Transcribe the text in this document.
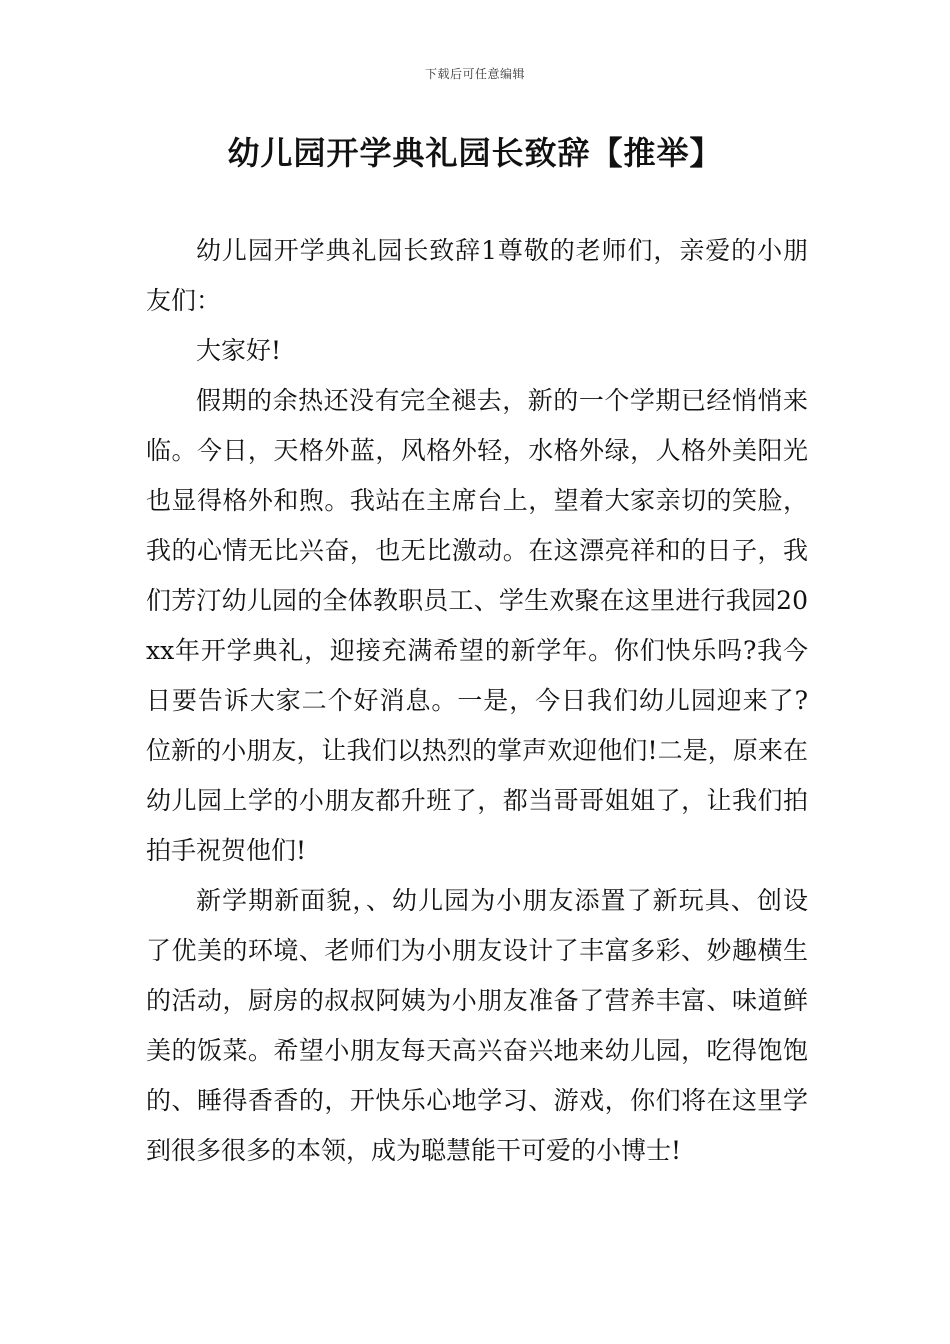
下载后可任意编辑
幼儿园开学典礼园长致辞【推举】

幼儿园开学典礼园长致辞1尊敬的老师们，亲爱的小朋友们：

大家好!

假期的余热还没有完全褪去，新的一个学期已经悄悄来临。今日，天格外蓝，风格外轻，水格外绿，人格外美阳光也显得格外和煦。我站在主席台上，望着大家亲切的笑脸，我的心情无比兴奋，也无比激动。在这漂亮祥和的日子，我们芳汀幼儿园的全体教职员工、学生欢聚在这里进行我园20xx年开学典礼，迎接充满希望的新学年。你们快乐吗?我今日要告诉大家二个好消息。一是，今日我们幼儿园迎来了?位新的小朋友，让我们以热烈的掌声欢迎他们!二是，原来在幼儿园上学的小朋友都升班了，都当哥哥姐姐了，让我们拍拍手祝贺他们!

新学期新面貌，、幼儿园为小朋友添置了新玩具、创设了优美的环境、老师们为小朋友设计了丰富多彩、妙趣横生的活动，厨房的叔叔阿姨为小朋友准备了营养丰富、味道鲜美的饭菜。希望小朋友每天高兴奋兴地来幼儿园，吃得饱饱的、睡得香香的，开快乐心地学习、游戏，你们将在这里学到很多很多的本领，成为聪慧能干可爱的小博士!
